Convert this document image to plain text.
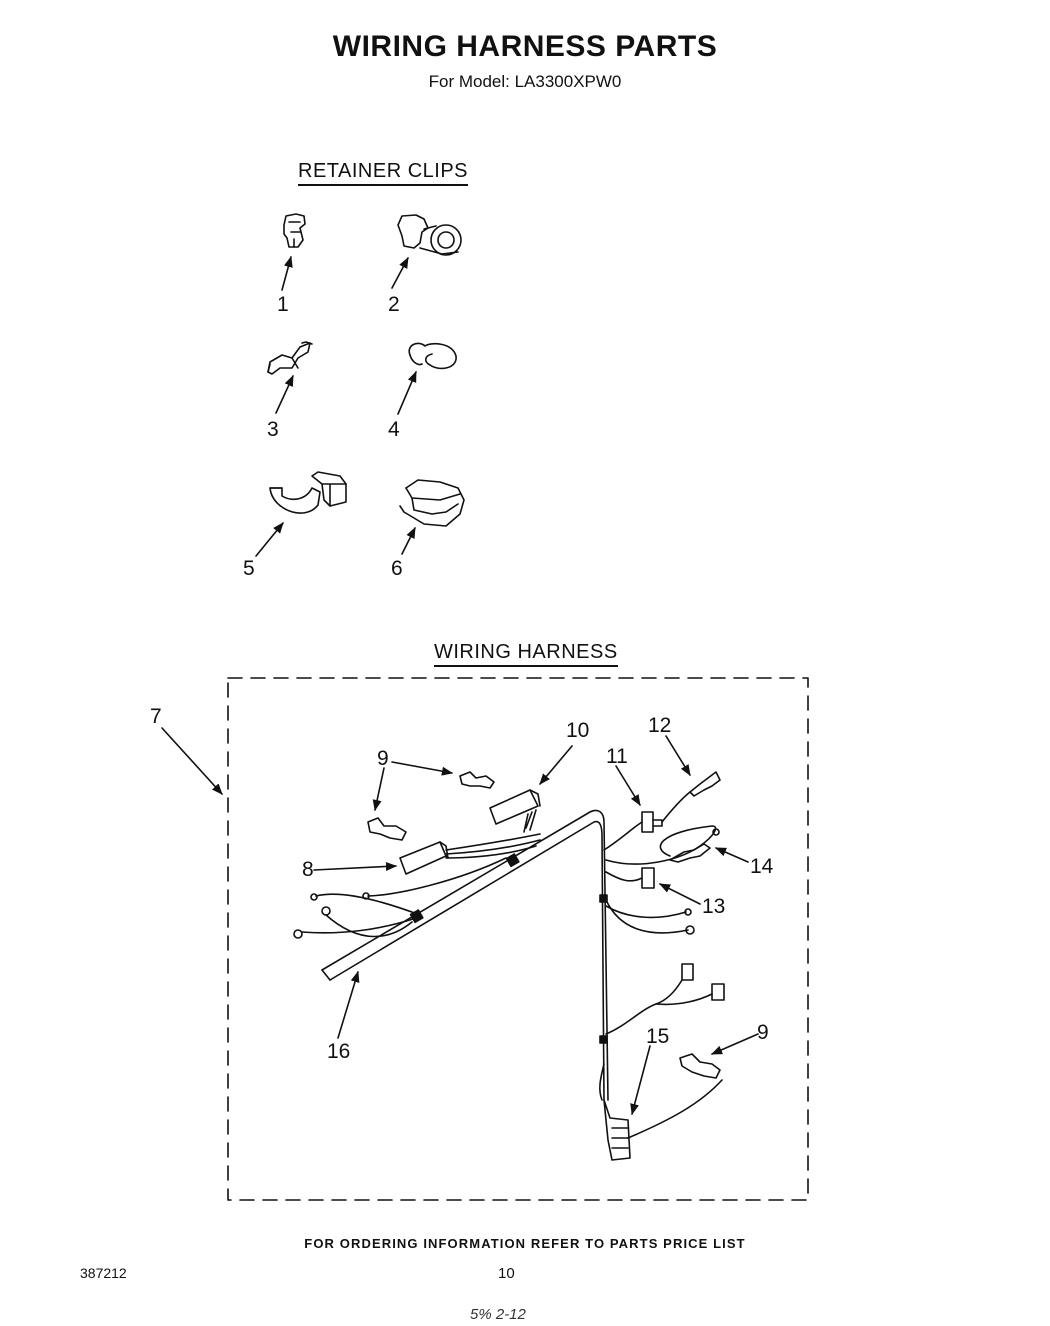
WIRING HARNESS PARTS
For Model: LA3300XPW0
RETAINER CLIPS
1	2
3	4
5	6
WIRING HARNESS
7
8
9
9
10
11
12
13
14
15
16
FOR ORDERING INFORMATION REFER TO PARTS PRICE LIST
387212	10
5% 2-12
